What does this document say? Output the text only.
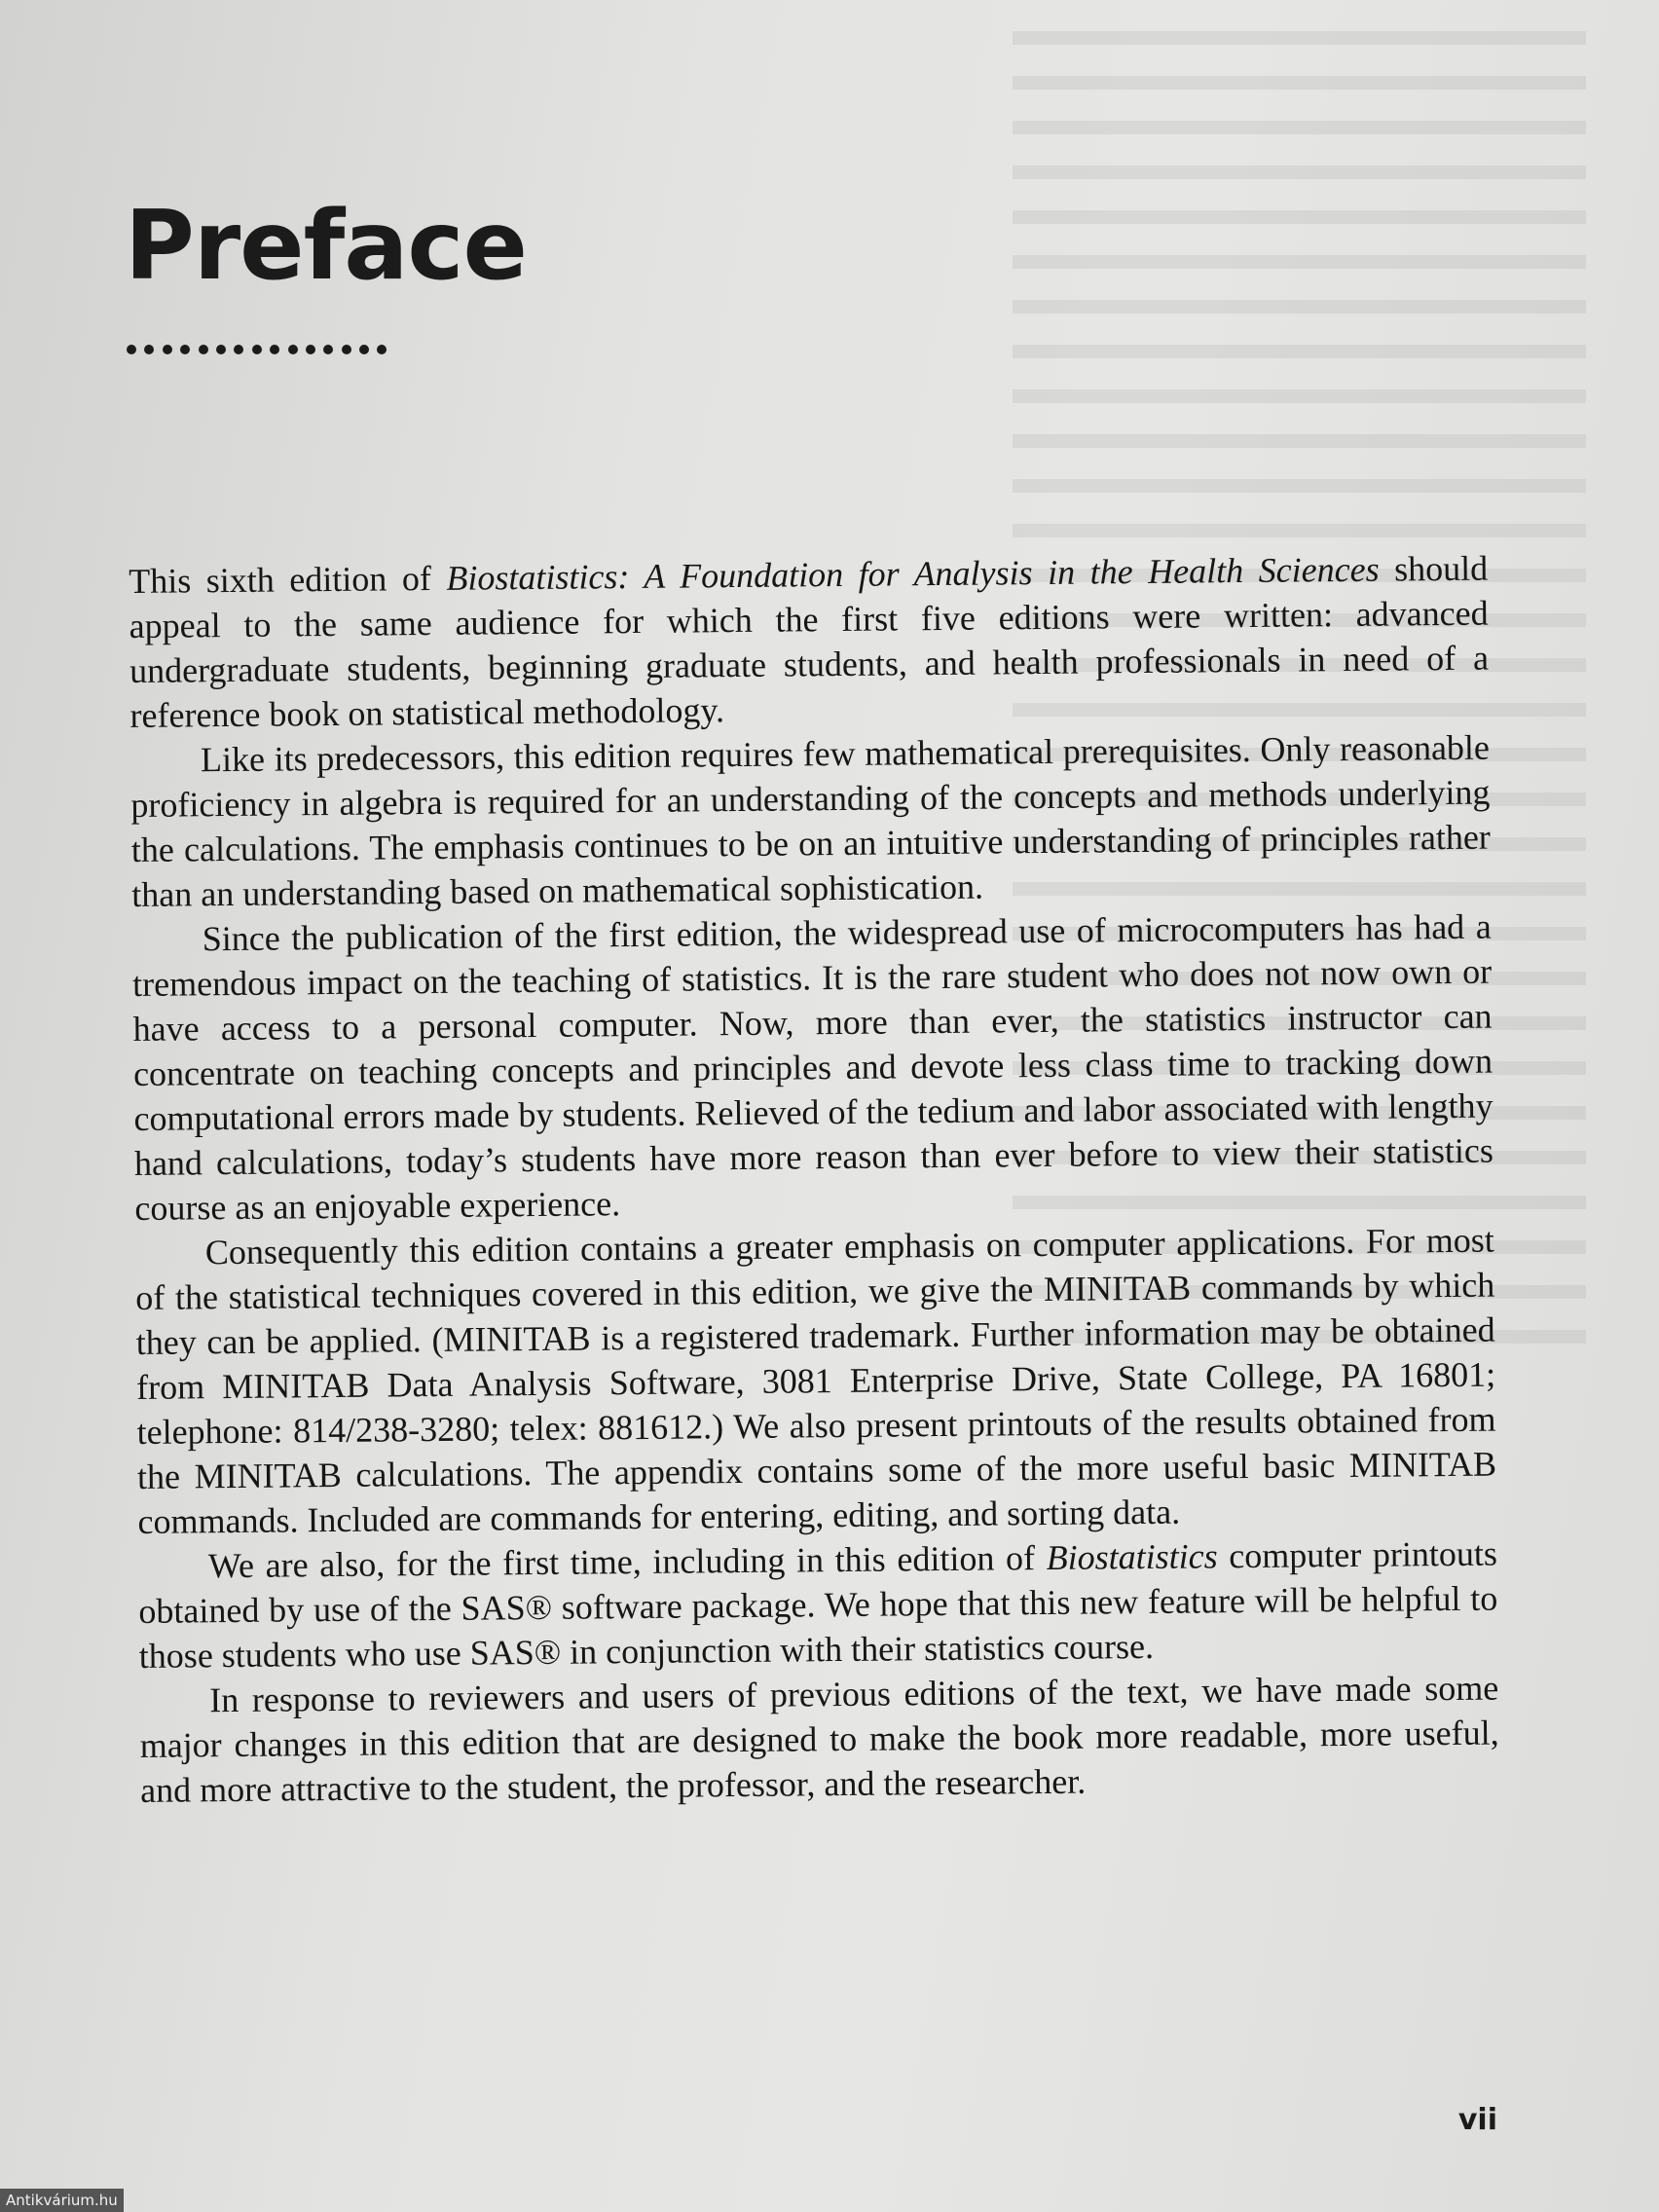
Preface

This sixth edition of Biostatistics: A Foundation for Analysis in the Health Sciences should appeal to the same audience for which the first five editions were written: advanced undergraduate students, beginning graduate students, and health professionals in need of a reference book on statistical methodology.

Like its predecessors, this edition requires few mathematical prerequisites. Only reasonable proficiency in algebra is required for an understanding of the concepts and methods underlying the calculations. The emphasis continues to be on an intuitive understanding of principles rather than an understanding based on mathematical sophistication.

Since the publication of the first edition, the widespread use of microcomputers has had a tremendous impact on the teaching of statistics. It is the rare student who does not now own or have access to a personal computer. Now, more than ever, the statistics instructor can concentrate on teaching concepts and principles and devote less class time to tracking down computational errors made by students. Relieved of the tedium and labor associated with lengthy hand calculations, today’s students have more reason than ever before to view their statistics course as an enjoyable experience.

Consequently this edition contains a greater emphasis on computer applications. For most of the statistical techniques covered in this edition, we give the MINITAB commands by which they can be applied. (MINITAB is a registered trademark. Further information may be obtained from MINITAB Data Analysis Software, 3081 Enterprise Drive, State College, PA 16801; telephone: 814/238-3280; telex: 881612.) We also present printouts of the results obtained from the MINITAB calculations. The appendix contains some of the more useful basic MINITAB commands. Included are commands for entering, editing, and sorting data.

We are also, for the first time, including in this edition of Biostatistics computer printouts obtained by use of the SAS® software package. We hope that this new feature will be helpful to those students who use SAS® in conjunction with their statistics course.

In response to reviewers and users of previous editions of the text, we have made some major changes in this edition that are designed to make the book more readable, more useful, and more attractive to the student, the professor, and the researcher.

vii
Antikvárium.hu
